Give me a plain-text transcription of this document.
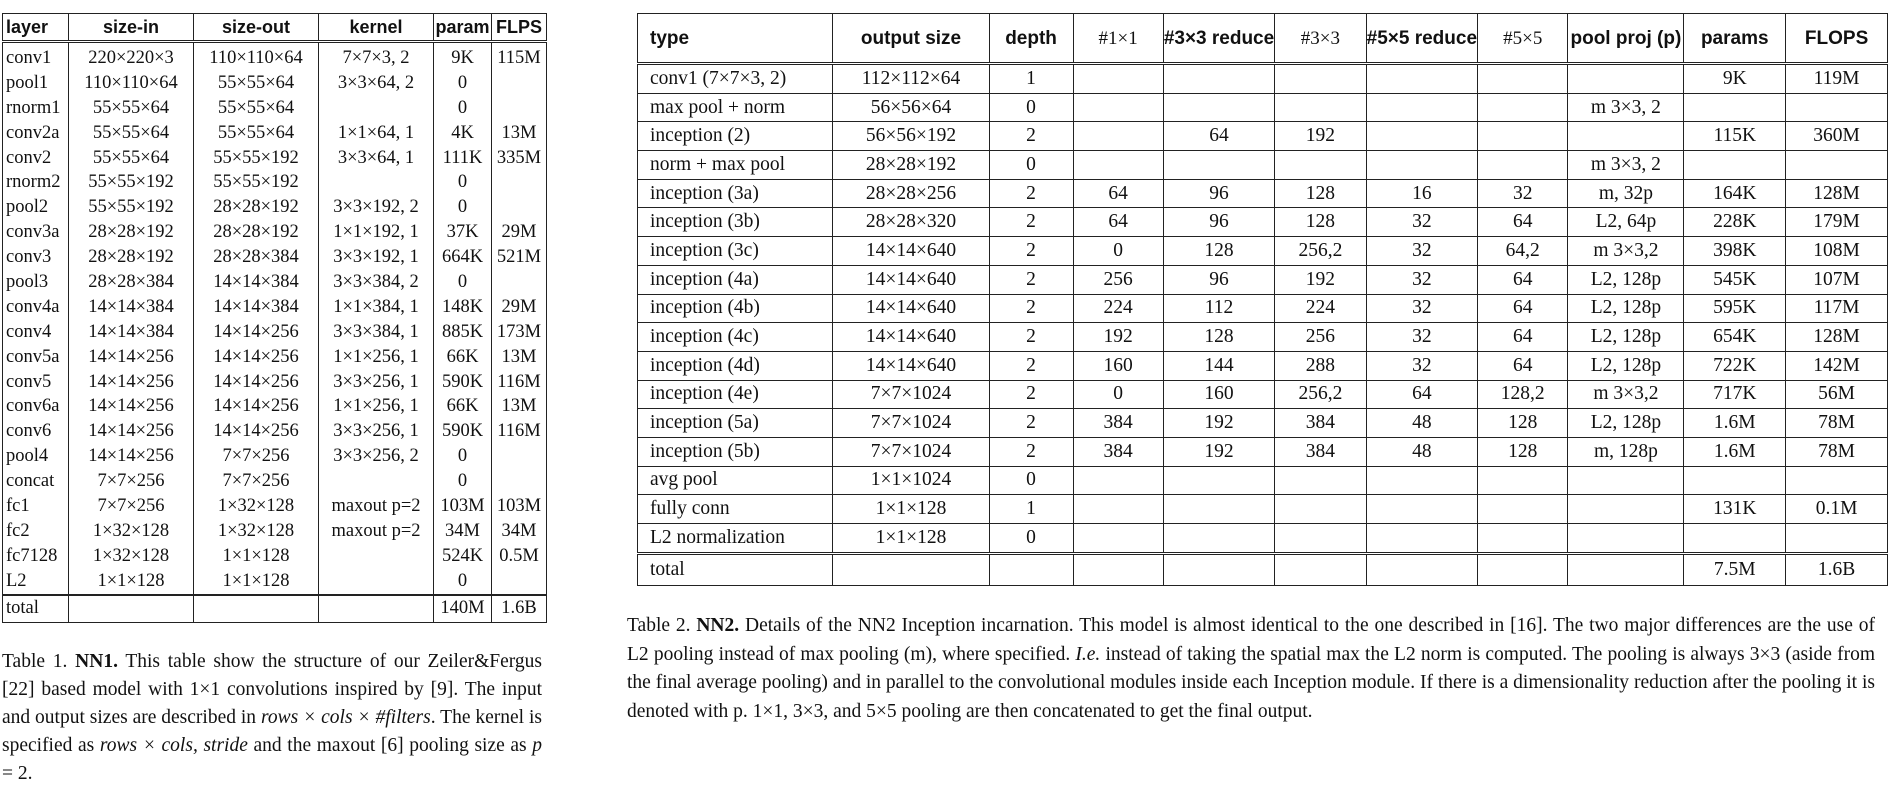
layer	size-in	size-out	kernel	param	FLPS
conv1	220×220×3	110×110×64	7×7×3, 2	9K	115M
pool1	110×110×64	55×55×64	3×3×64, 2	0	
rnorm1	55×55×64	55×55×64		0	
conv2a	55×55×64	55×55×64	1×1×64, 1	4K	13M
conv2	55×55×64	55×55×192	3×3×64, 1	111K	335M
rnorm2	55×55×192	55×55×192		0	
pool2	55×55×192	28×28×192	3×3×192, 2	0	
conv3a	28×28×192	28×28×192	1×1×192, 1	37K	29M
conv3	28×28×192	28×28×384	3×3×192, 1	664K	521M
pool3	28×28×384	14×14×384	3×3×384, 2	0	
conv4a	14×14×384	14×14×384	1×1×384, 1	148K	29M
conv4	14×14×384	14×14×256	3×3×384, 1	885K	173M
conv5a	14×14×256	14×14×256	1×1×256, 1	66K	13M
conv5	14×14×256	14×14×256	3×3×256, 1	590K	116M
conv6a	14×14×256	14×14×256	1×1×256, 1	66K	13M
conv6	14×14×256	14×14×256	3×3×256, 1	590K	116M
pool4	14×14×256	7×7×256	3×3×256, 2	0	
concat	7×7×256	7×7×256		0	
fc1	7×7×256	1×32×128	maxout p=2	103M	103M
fc2	1×32×128	1×32×128	maxout p=2	34M	34M
fc7128	1×32×128	1×1×128		524K	0.5M
L2	1×1×128	1×1×128		0	
total				140M	1.6B
Table 1. NN1. This table show the structure of our Zeiler&Fergus [22] based model with 1×1 convolutions inspired by [9]. The input and output sizes are described in rows × cols × #filters. The kernel is specified as rows × cols, stride and the maxout [6] pooling size as p = 2.
type	output size	depth	#1×1	#3×3 reduce	#3×3	#5×5 reduce	#5×5	pool proj (p)	params	FLOPS
conv1 (7×7×3, 2)	112×112×64	1							9K	119M
max pool + norm	56×56×64	0						m 3×3, 2		
inception (2)	56×56×192	2		64	192				115K	360M
norm + max pool	28×28×192	0						m 3×3, 2		
inception (3a)	28×28×256	2	64	96	128	16	32	m, 32p	164K	128M
inception (3b)	28×28×320	2	64	96	128	32	64	L2, 64p	228K	179M
inception (3c)	14×14×640	2	0	128	256,2	32	64,2	m 3×3,2	398K	108M
inception (4a)	14×14×640	2	256	96	192	32	64	L2, 128p	545K	107M
inception (4b)	14×14×640	2	224	112	224	32	64	L2, 128p	595K	117M
inception (4c)	14×14×640	2	192	128	256	32	64	L2, 128p	654K	128M
inception (4d)	14×14×640	2	160	144	288	32	64	L2, 128p	722K	142M
inception (4e)	7×7×1024	2	0	160	256,2	64	128,2	m 3×3,2	717K	56M
inception (5a)	7×7×1024	2	384	192	384	48	128	L2, 128p	1.6M	78M
inception (5b)	7×7×1024	2	384	192	384	48	128	m, 128p	1.6M	78M
avg pool	1×1×1024	0								
fully conn	1×1×128	1							131K	0.1M
L2 normalization	1×1×128	0								
total									7.5M	1.6B
Table 2. NN2. Details of the NN2 Inception incarnation. This model is almost identical to the one described in [16]. The two major differences are the use of L2 pooling instead of max pooling (m), where specified. I.e. instead of taking the spatial max the L2 norm is computed. The pooling is always 3×3 (aside from the final average pooling) and in parallel to the convolutional modules inside each Inception module. If there is a dimensionality reduction after the pooling it is denoted with p. 1×1, 3×3, and 5×5 pooling are then concatenated to get the final output.
